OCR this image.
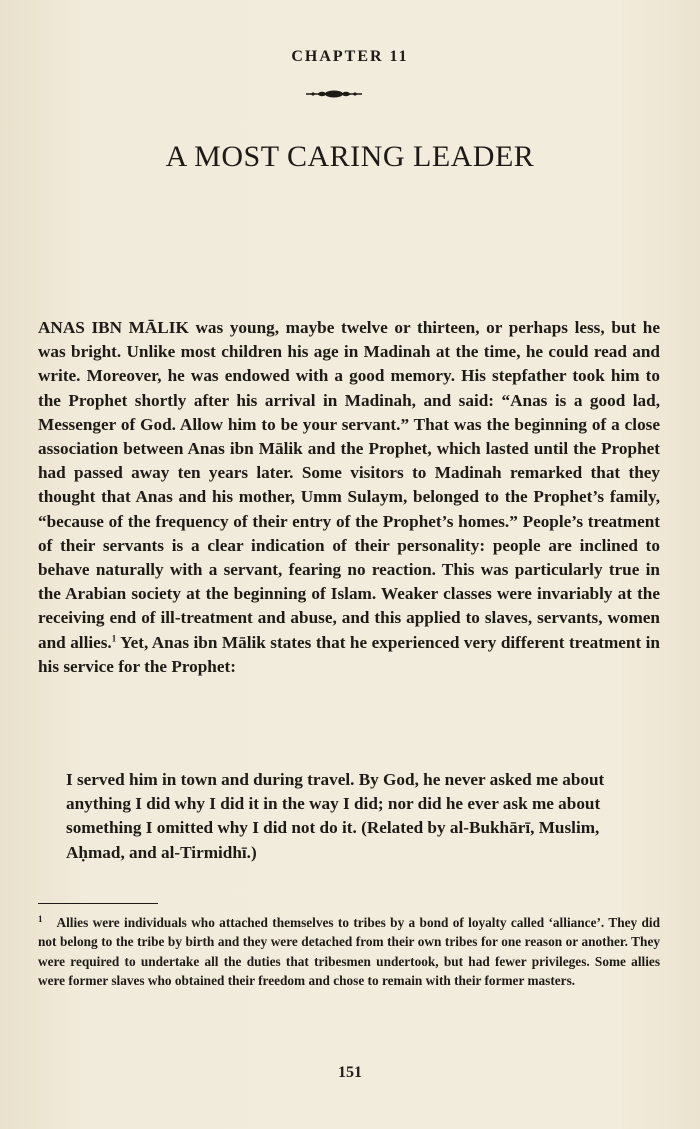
CHAPTER 11
A MOST CARING LEADER

ANAS IBN MĀLIK was young, maybe twelve or thirteen, or perhaps less, but he was bright. Unlike most children his age in Madinah at the time, he could read and write. Moreover, he was endowed with a good memory. His stepfather took him to the Prophet shortly after his arrival in Madinah, and said: “Anas is a good lad, Messenger of God. Allow him to be your servant.” That was the beginning of a close association between Anas ibn Mālik and the Prophet, which lasted until the Prophet had passed away ten years later. Some visitors to Madinah remarked that they thought that Anas and his mother, Umm Sulaym, belonged to the Prophet’s family, “because of the frequency of their entry of the Prophet’s homes.” People’s treatment of their servants is a clear indication of their personality: people are inclined to behave naturally with a servant, fearing no reaction. This was particularly true in the Arabian society at the beginning of Islam. Weaker classes were invariably at the receiving end of ill-treatment and abuse, and this applied to slaves, servants, women and allies.$^1$ Yet, Anas ibn Mālik states that he experienced very different treatment in his service for the Prophet:

I served him in town and during travel. By God, he never asked me about anything I did why I did it in the way I did; nor did he ever ask me about something I omitted why I did not do it. (Related by al-Bukhārī, Muslim, Aḥmad, and al-Tirmidhī.)

$^1$ Allies were individuals who attached themselves to tribes by a bond of loyalty called ‘alliance’. They did not belong to the tribe by birth and they were detached from their own tribes for one reason or another. They were required to undertake all the duties that tribesmen undertook, but had fewer privileges. Some allies were former slaves who obtained their freedom and chose to remain with their former masters.

151
